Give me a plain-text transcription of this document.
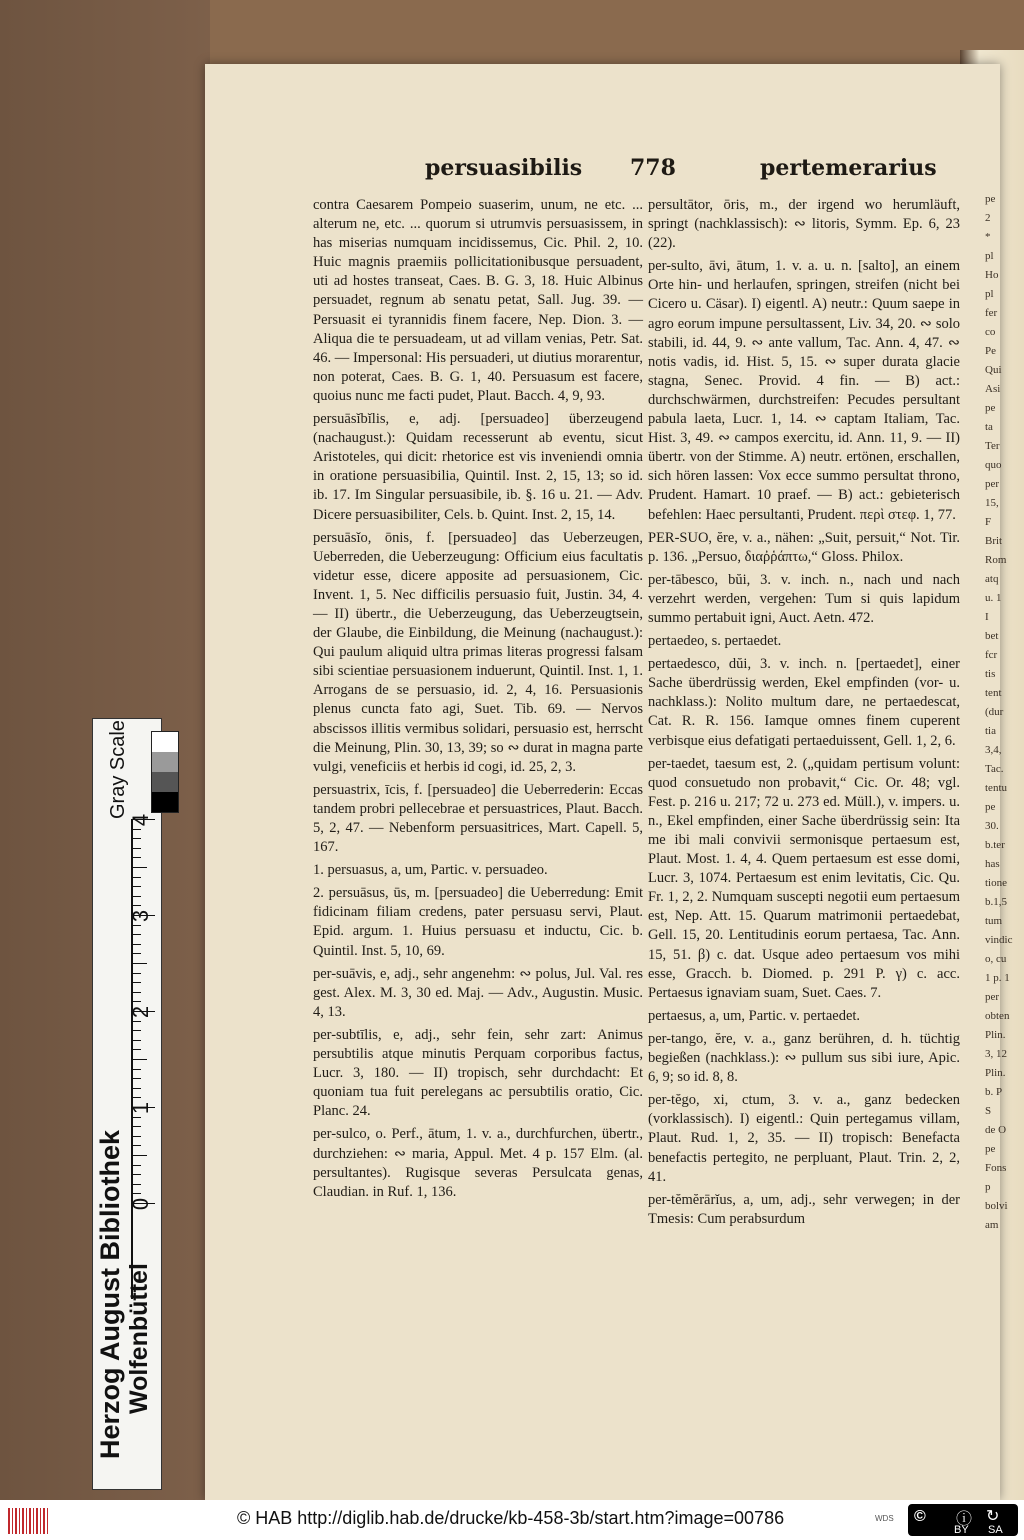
persuasibilis 778	pertemerarius

contra Caesarem Pompeio suaserim, unum, ne etc. ... alterum ne, etc. ... quorum si utrumvis persuasissem, in has miserias numquam incidissemus, Cic. Phil. 2, 10. Huic magnis praemiis pollicitationibusque persuadent, uti ad hostes transeat, Caes. B. G. 3, 18. Huic Albinus persuadet, regnum ab senatu petat, Sall. Jug. 39. — Persuasit ei tyrannidis finem facere, Nep. Dion. 3. — Aliqua die te persuadeam, ut ad villam venias, Petr. Sat. 46. — Impersonal: His persuaderi, ut diutius morarentur, non poterat, Caes. B. G. 1, 40. Persuasum est facere, quoius nunc me facti pudet, Plaut. Bacch. 4, 9, 93.

persuāsĭbĭlis, e, adj. [persuadeo] überzeugend (nachaugust.): Quidam recesserunt ab eventu, sicut Aristoteles, qui dicit: rhetorice est vis inveniendi omnia in oratione persuasibilia, Quintil. Inst. 2, 15, 13; so id. ib. 17. Im Singular persuasibile, ib. §. 16 u. 21. — Adv. Dicere persuasibiliter, Cels. b. Quint. Inst. 2, 15, 14.

persuāsĭo, ōnis, f. [persuadeo] das Ueberzeugen, Ueberreden, die Ueberzeugung: Officium eius facultatis videtur esse, dicere apposite ad persuasionem, Cic. Invent. 1, 5. Nec difficilis persuasio fuit, Justin. 34, 4. — II) übertr., die Ueberzeugung, das Ueberzeugtsein, der Glaube, die Einbildung, die Meinung (nachaugust.): Qui paulum aliquid ultra primas literas progressi falsam sibi scientiae persuasionem induerunt, Quintil. Inst. 1, 1. Arrogans de se persuasio, id. 2, 4, 16. Persuasionis plenus cuncta fato agi, Suet. Tib. 69. — Nervos abscissos illitis vermibus solidari, persuasio est, herrscht die Meinung, Plin. 30, 13, 39; so ∾ durat in magna parte vulgi, veneficiis et herbis id cogi, id. 25, 2, 3.

persuastrix, īcis, f. [persuadeo] die Ueberrederin: Eccas tandem probri pellecebrae et persuastrices, Plaut. Bacch. 5, 2, 47. — Nebenform persuasitrices, Mart. Capell. 5, 167.

1. persuasus, a, um, Partic. v. persuadeo.

2. persuāsus, ūs, m. [persuadeo] die Ueberredung: Emit fidicinam filiam credens, pater persuasu servi, Plaut. Epid. argum. 1. Huius persuasu et inductu, Cic. b. Quintil. Inst. 5, 10, 69.

per-suāvis, e, adj., sehr angenehm: ∾ polus, Jul. Val. res gest. Alex. M. 3, 30 ed. Maj. — Adv., Augustin. Music. 4, 13.

per-subtīlis, e, adj., sehr fein, sehr zart: Animus persubtilis atque minutis Perquam corporibus factus, Lucr. 3, 180. — II) tropisch, sehr durchdacht: Et quoniam tua fuit perelegans ac persubtilis oratio, Cic. Planc. 24.

per-sulco, o. Perf., ātum, 1. v. a., durchfurchen, übertr., durchziehen: ∾ maria, Appul. Met. 4 p. 157 Elm. (al. persultantes). Rugisque severas Persulcata genas, Claudian. in Ruf. 1, 136.

persultātor, ōris, m., der irgend wo herumläuft, springt (nachklassisch): ∾ litoris, Symm. Ep. 6, 23 (22).

per-sulto, āvi, ātum, 1. v. a. u. n. [salto], an einem Orte hin- und herlaufen, springen, streifen (nicht bei Cicero u. Cäsar). I) eigentl. A) neutr.: Quum saepe in agro eorum impune persultassent, Liv. 34, 20. ∾ solo stabili, id. 44, 9. ∾ ante vallum, Tac. Ann. 4, 47. ∾ notis vadis, id. Hist. 5, 15. ∾ super durata glacie stagna, Senec. Provid. 4 fin. — B) act.: durchschwärmen, durchstreifen: Pecudes persultant pabula laeta, Lucr. 1, 14. ∾ captam Italiam, Tac. Hist. 3, 49. ∾ campos exercitu, id. Ann. 11, 9. — II) übertr. von der Stimme. A) neutr. ertönen, erschallen, sich hören lassen: Vox ecce summo persultat throno, Prudent. Hamart. 10 praef. — B) act.: gebieterisch befehlen: Haec persultanti, Prudent. περὶ στεφ. 1, 77.

PER-SUO, ĕre, v. a., nähen: „Suit, persuit,“ Not. Tir. p. 136. „Persuo, διαῤῥάπτω,“ Gloss. Philox.

per-tābesco, bŭi, 3. v. inch. n., nach und nach verzehrt werden, vergehen: Tum si quis lapidum summo pertabuit igni, Auct. Aetn. 472.

pertaedeo, s. pertaedet.

pertaedesco, dŭi, 3. v. inch. n. [pertaedet], einer Sache überdrüssig werden, Ekel empfinden (vor- u. nachklass.): Nolito multum dare, ne pertaedescat, Cat. R. R. 156. Iamque omnes finem cuperent verbisque eius defatigati pertaeduissent, Gell. 1, 2, 6.

per-taedet, taesum est, 2. („quidam pertisum volunt: quod consuetudo non probavit,“ Cic. Or. 48; vgl. Fest. p. 216 u. 217; 72 u. 273 ed. Müll.), v. impers. u. n., Ekel empfinden, einer Sache überdrüssig sein: Ita me ibi mali convivii sermonisque pertaesum est, Plaut. Most. 1. 4, 4. Quem pertaesum est esse domi, Lucr. 3, 1074. Pertaesum est enim levitatis, Cic. Qu. Fr. 1, 2, 2. Numquam suscepti negotii eum pertaesum est, Nep. Att. 15. Quarum matrimonii pertaedebat, Gell. 15, 20. Lentitudinis eorum pertaesa, Tac. Ann. 15, 51. β) c. dat. Usque adeo pertaesum vos mihi esse, Gracch. b. Diomed. p. 291 P. γ) c. acc. Pertaesus ignaviam suam, Suet. Caes. 7.

pertaesus, a, um, Partic. v. pertaedet.

per-tango, ĕre, v. a., ganz berühren, d. h. tüchtig begießen (nachklass.): ∾ pullum sus sibi iure, Apic. 6, 9; so id. 8, 8.

per-tĕgo, xi, ctum, 3. v. a., ganz bedecken (vorklassisch). I) eigentl.: Quin pertegamus villam, Plaut. Rud. 1, 2, 35. — II) tropisch: Benefacta benefactis pertegito, ne perpluant, Plaut. Trin. 2, 2, 41.

per-tĕmĕrārĭus, a, um, adj., sehr verwegen; in der Tmesis: Cum perabsurdum

pe
2
*
pl
Ho
pl
fer
co
Pe
Qui
Asi
pe
ta
Ter
quo
per
15,
F
Brit
Rom
atq
u. 1
I
bet
fcr
tis
tent
(dur
tia
3,4,
Tac.
tentu
pe
30.
b.ter
has
tione
b.1,5
tum
vindic
o, cu
1 p. 1
per
obten
Plin.
3, 12
Plin.
b. P
S
de O
pe
Fons
p
bolvi
am
Herzog August Bibliothek Wolfenbüttel
Gray Scale
0
1
2
3
4
© HAB http://diglib.hab.de/drucke/kb-458-3b/start.htm?image=00786	WDS © ⓘ ↻
BY SA
